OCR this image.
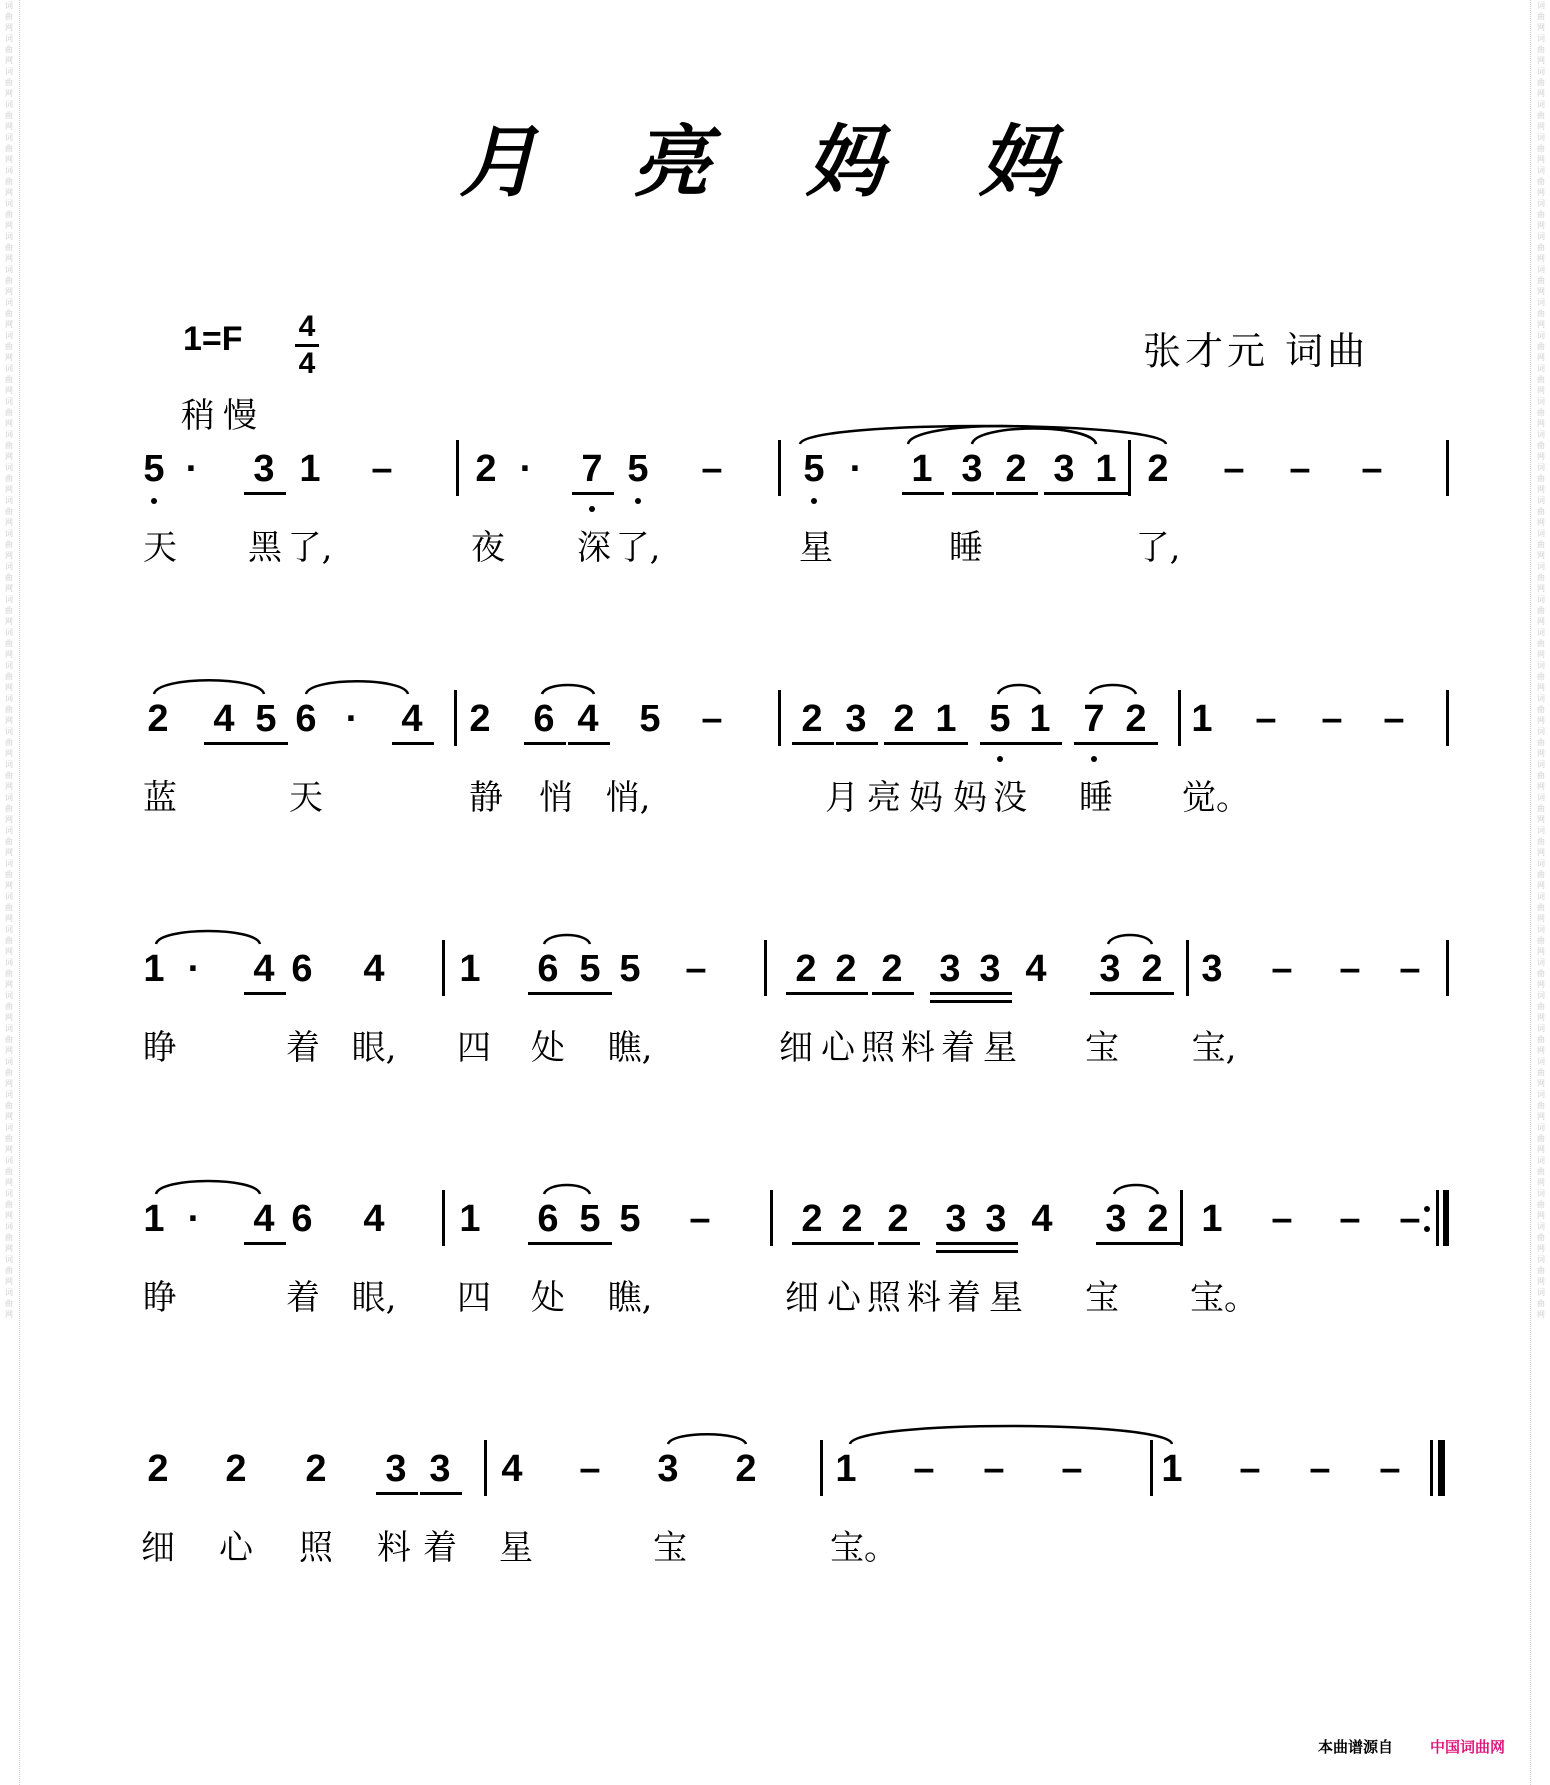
词曲网词曲网词曲网词曲网词曲网词曲网词曲网词曲网词曲网词曲网词曲网词曲网词曲网词曲网词曲网词曲网词曲网词曲网词曲网词曲网词曲网词曲网词曲网词曲网词曲网词曲网词曲网词曲网词曲网词曲网词曲网词曲网词曲网词曲网词曲网词曲网词曲网词曲网词曲网词曲网
词曲网词曲网词曲网词曲网词曲网词曲网词曲网词曲网词曲网词曲网词曲网词曲网词曲网词曲网词曲网词曲网词曲网词曲网词曲网词曲网词曲网词曲网词曲网词曲网词曲网词曲网词曲网词曲网词曲网词曲网词曲网词曲网词曲网词曲网词曲网词曲网词曲网词曲网词曲网词曲网
月 亮 妈 妈
1=F 4
4
稍慢
张才元 词曲
5 ·	3 1	–	2 ·	7 5	–	5 ·	1 3 2 3 1 2	–	–	–
天 黑 了,	夜 深 了,	星	睡	了,
2	4 5 6 ·	4	2	6 4	5	–	2 3 2 1 5 1 7 2	1	–	–	–
蓝	天	静 悄 悄,	月 亮 妈 妈 没 睡 觉。
1 ·	4 6	4	1	6 5 5	–	2 2 2 3 3 4	3 2	3	–	–	–
睁	着 眼, 四 处 瞧,	细 心 照 料 着 星 宝 宝,
1 ·	4 6	4	1	6 5 5	–	2 2 2 3 3 4	3 2 1	–	–	–
睁	着 眼, 四 处 瞧,	细 心 照 料 着 星 宝 宝。
2	2	2	3 3	4	–	3	2	1	–	–	–	1	–	–	–
细 心 照 料 着 星	宝	宝。
本曲谱源自 中国词曲网
